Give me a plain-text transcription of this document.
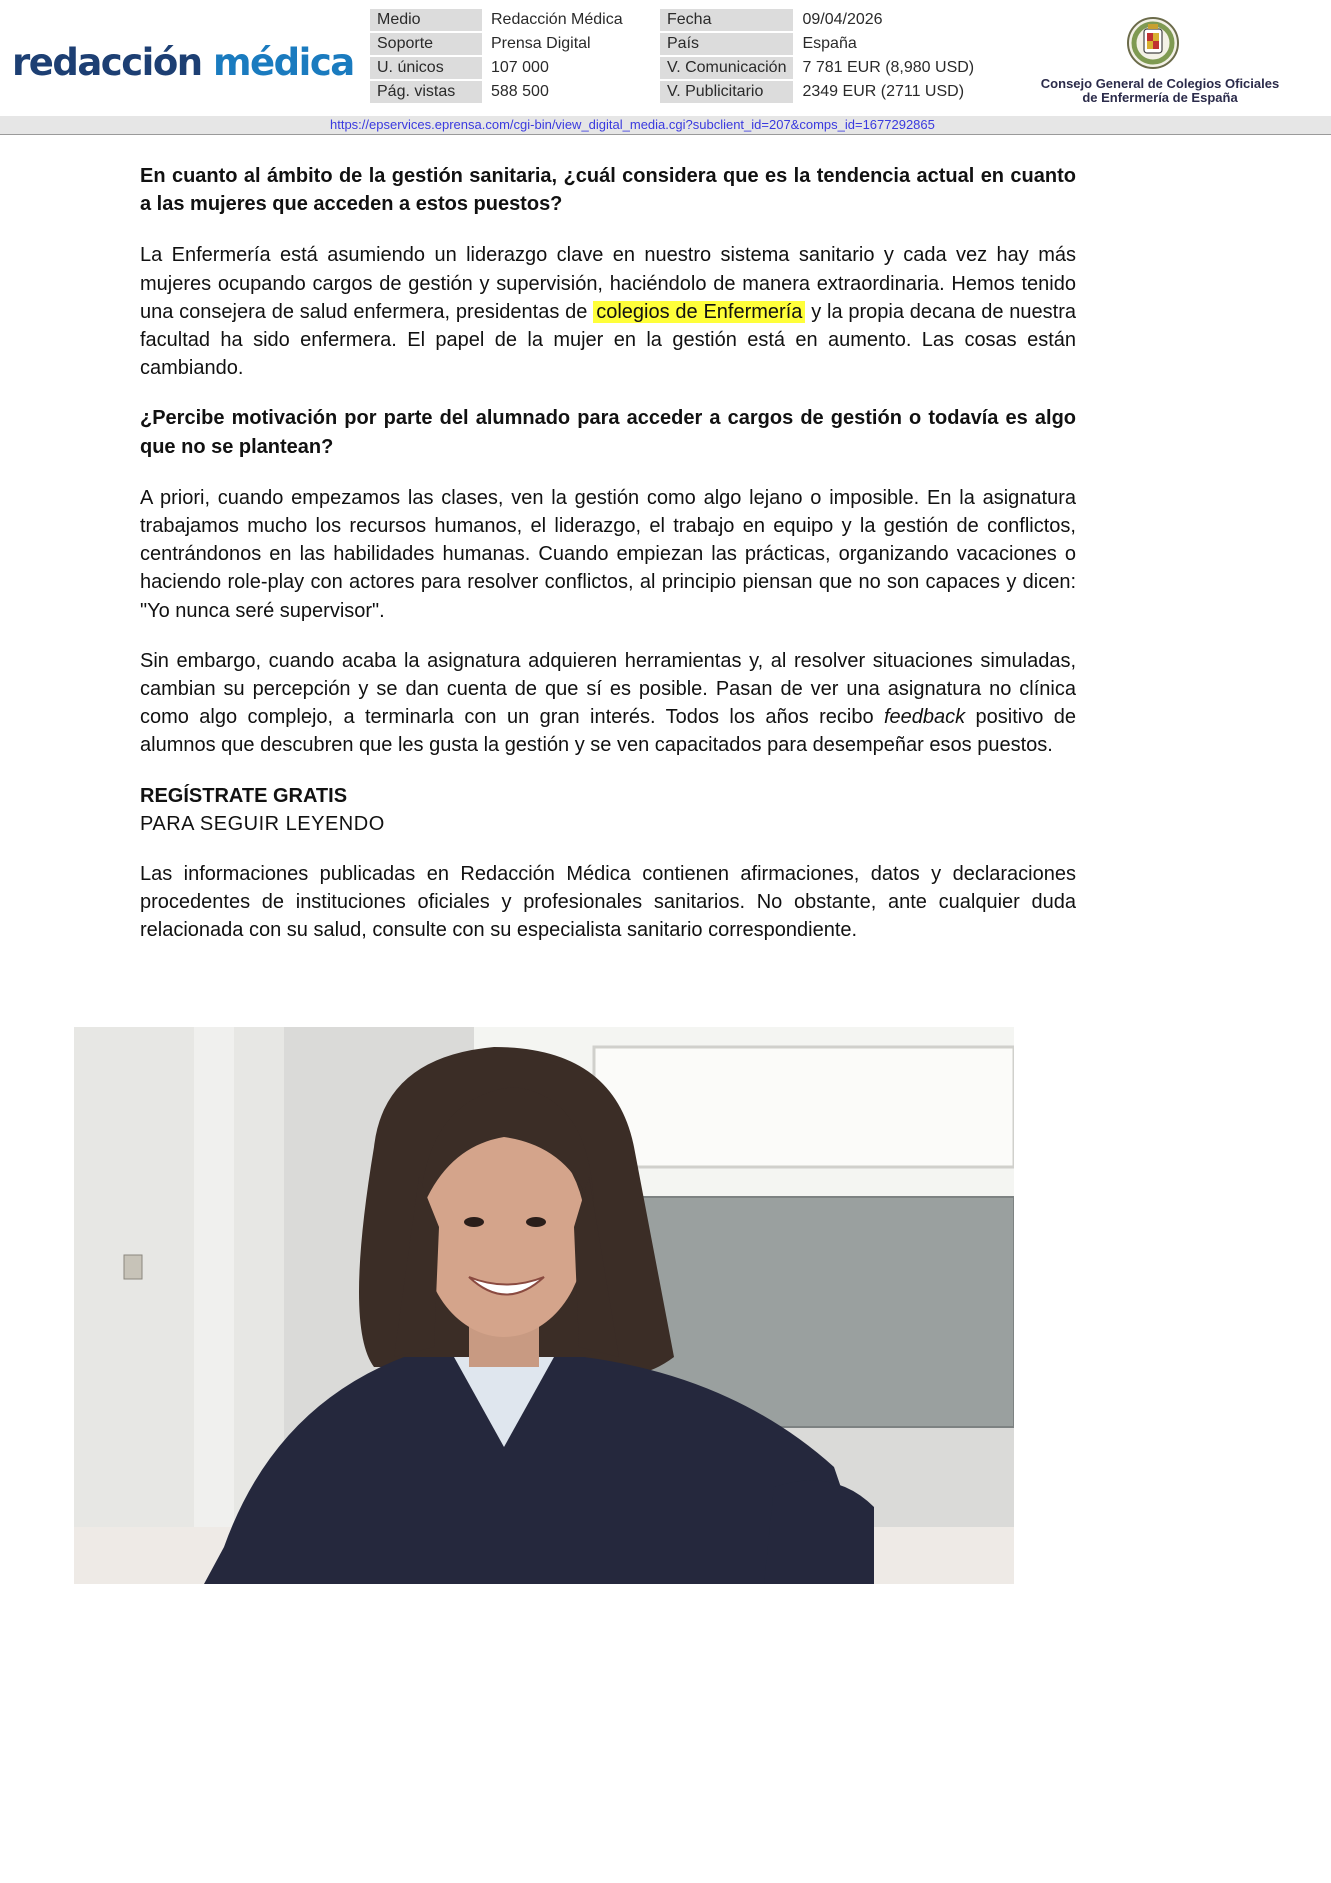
redacción médica
Medio	Redacción Médica	Fecha	09/04/2026
Soporte	Prensa Digital	País	España
U. únicos	107 000	V. Comunicación	7 781 EUR (8,980 USD)
Pág. vistas	588 500	V. Publicitario	2349 EUR (2711 USD)	Consejo General de Colegios Oficiales
de Enfermería de España
https://epservices.eprensa.com/cgi-bin/view_digital_media.cgi?subclient_id=207&comps_id=1677292865

En cuanto al ámbito de la gestión sanitaria, ¿cuál considera que es la tendencia actual en cuanto a las mujeres que acceden a estos puestos?

La Enfermería está asumiendo un liderazgo clave en nuestro sistema sanitario y cada vez hay más mujeres ocupando cargos de gestión y supervisión, haciéndolo de manera extraordinaria. Hemos tenido una consejera de salud enfermera, presidentas de colegios de Enfermería y la propia decana de nuestra facultad ha sido enfermera. El papel de la mujer en la gestión está en aumento. Las cosas están cambiando.

¿Percibe motivación por parte del alumnado para acceder a cargos de gestión o todavía es algo que no se plantean?

A priori, cuando empezamos las clases, ven la gestión como algo lejano o imposible. En la asignatura trabajamos mucho los recursos humanos, el liderazgo, el trabajo en equipo y la gestión de conflictos, centrándonos en las habilidades humanas. Cuando empiezan las prácticas, organizando vacaciones o haciendo role-play con actores para resolver conflictos, al principio piensan que no son capaces y dicen: "Yo nunca seré supervisor".

Sin embargo, cuando acaba la asignatura adquieren herramientas y, al resolver situaciones simuladas, cambian su percepción y se dan cuenta de que sí es posible. Pasan de ver una asignatura no clínica como algo complejo, a terminarla con un gran interés. Todos los años recibo feedback positivo de alumnos que descubren que les gusta la gestión y se ven capacitados para desempeñar esos puestos.

REGÍSTRATE GRATIS

PARA SEGUIR LEYENDO

Las informaciones publicadas en Redacción Médica contienen afirmaciones, datos y declaraciones procedentes de instituciones oficiales y profesionales sanitarios. No obstante, ante cualquier duda relacionada con su salud, consulte con su especialista sanitario correspondiente.
